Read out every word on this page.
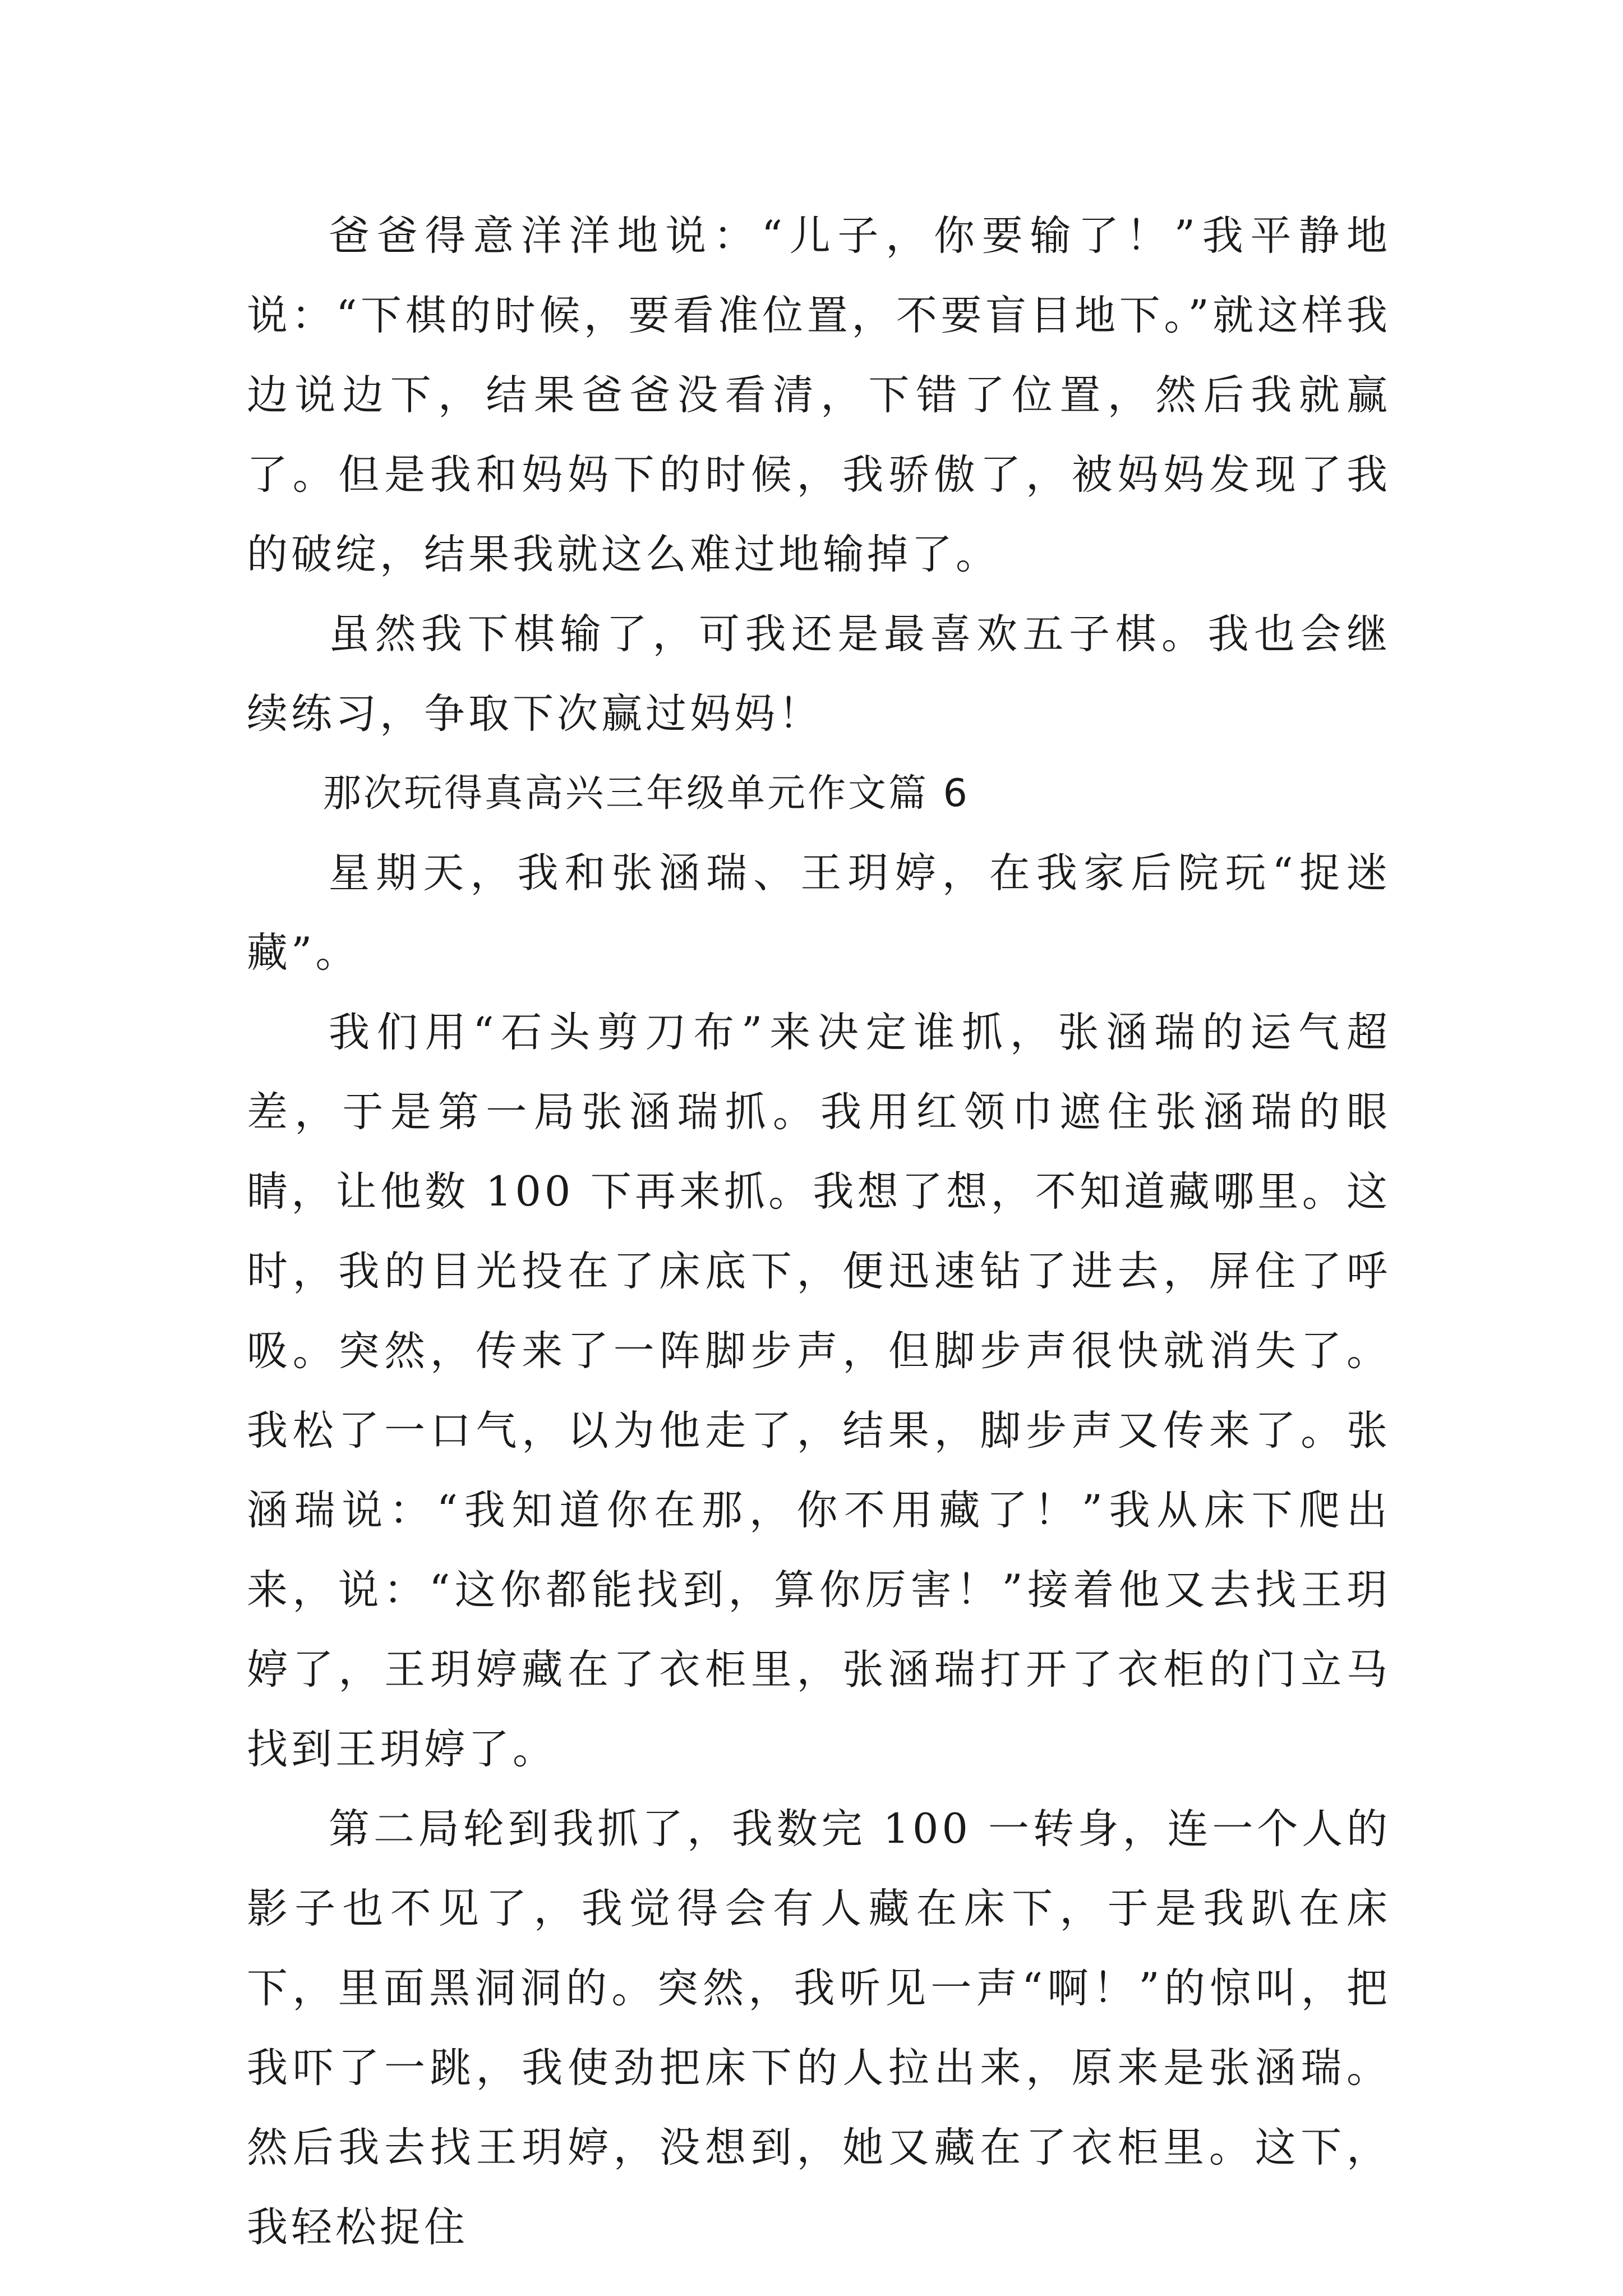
爸爸得意洋洋地说：“儿子，你要输了！”我平静地说：“下棋的时候，要看准位置，不要盲目地下。”就这样我边说边下，结果爸爸没看清，下错了位置，然后我就赢了。但是我和妈妈下的时候，我骄傲了，被妈妈发现了我的破绽，结果我就这么难过地输掉了。

虽然我下棋输了，可我还是最喜欢五子棋。我也会继续练习，争取下次赢过妈妈！

那次玩得真高兴三年级单元作文篇 6

星期天，我和张涵瑞、王玥婷，在我家后院玩“捉迷藏”。

我们用“石头剪刀布”来决定谁抓，张涵瑞的运气超差，于是第一局张涵瑞抓。我用红领巾遮住张涵瑞的眼睛，让他数 100 下再来抓。我想了想，不知道藏哪里。这时，我的目光投在了床底下，便迅速钻了进去，屏住了呼吸。突然，传来了一阵脚步声，但脚步声很快就消失了。我松了一口气，以为他走了，结果，脚步声又传来了。张涵瑞说：“我知道你在那，你不用藏了！”我从床下爬出来，说：“这你都能找到，算你厉害！”接着他又去找王玥婷了，王玥婷藏在了衣柜里，张涵瑞打开了衣柜的门立马找到王玥婷了。

第二局轮到我抓了，我数完 100 一转身，连一个人的影子也不见了，我觉得会有人藏在床下，于是我趴在床下，里面黑洞洞的。突然，我听见一声“啊！”的惊叫，把我吓了一跳，我使劲把床下的人拉出来，原来是张涵瑞。然后我去找王玥婷，没想到，她又藏在了衣柜里。这下，我轻松捉住
